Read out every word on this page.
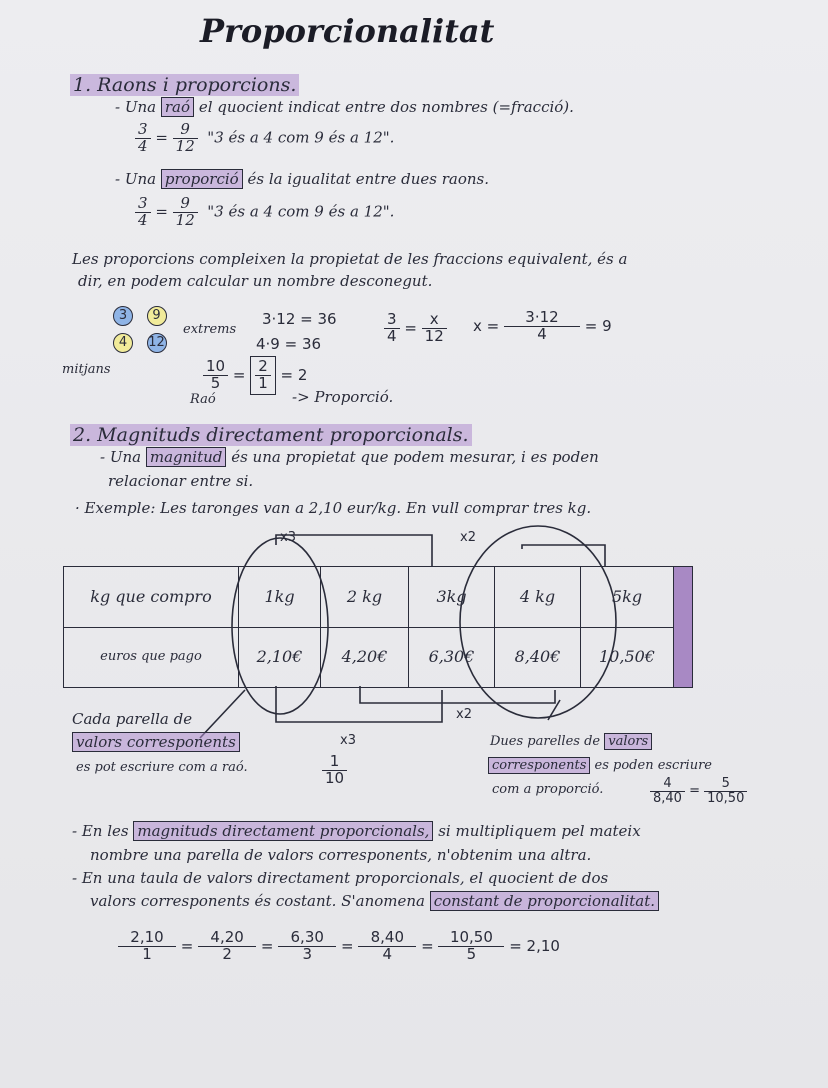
Proporcionalitat
1. Raons i proporcions.
- Una raó el quocient indicat entre dos nombres (=fracció).
$\frac{3}{4} = \frac{9}{12}$ "3 és a 4 com 9 és a 12".
- Una proporció és la igualitat entre dues raons.
$\frac{3}{4} = \frac{9}{12}$ "3 és a 4 com 9 és a 12".
Les proporcions compleixen la propietat de les fraccions equivalent, és a
dir, en podem calcular un nombre desconegut.
3 9
4 12
extrems
mitjans
3·12 = 36
4·9 = 36	$\frac{3}{4} = \frac{x}{12}$ $x = \frac{3\cdot 12}{4} = 9$
$\frac{10}{5} = \frac{2}{1} = 2$
Raó	-> Proporció.
2. Magnituds directament proporcionals.
- Una magnitud és una propietat que podem mesurar, i es poden
relacionar entre si.
· Exemple: Les taronges van a 2,10 eur/kg. En vull comprar tres kg.
x3	x2
kg que compro	1kg	2 kg	3kg	4 kg	5kg
euros que pago	2,10€	4,20€	6,30€	8,40€	10,50€
x2
x3
Cada parella de
valors corresponents
es pot escriure com a raó.	$\frac{1}{10}$
Dues parelles de valors
corresponents es poden escriure
com a proporció.	$\frac{4}{8,40} = \frac{5}{10,50}$
- En les magnituds directament proporcionals, si multipliquem pel mateix
nombre una parella de valors corresponents, n'obtenim una altra.
- En una taula de valors directament proporcionals, el quocient de dos
valors corresponents és costant. S'anomena constant de proporcionalitat.
$\frac{2,10}{1} = \frac{4,20}{2} = \frac{6,30}{3} = \frac{8,40}{4} = \frac{10,50}{5} = 2,10$
